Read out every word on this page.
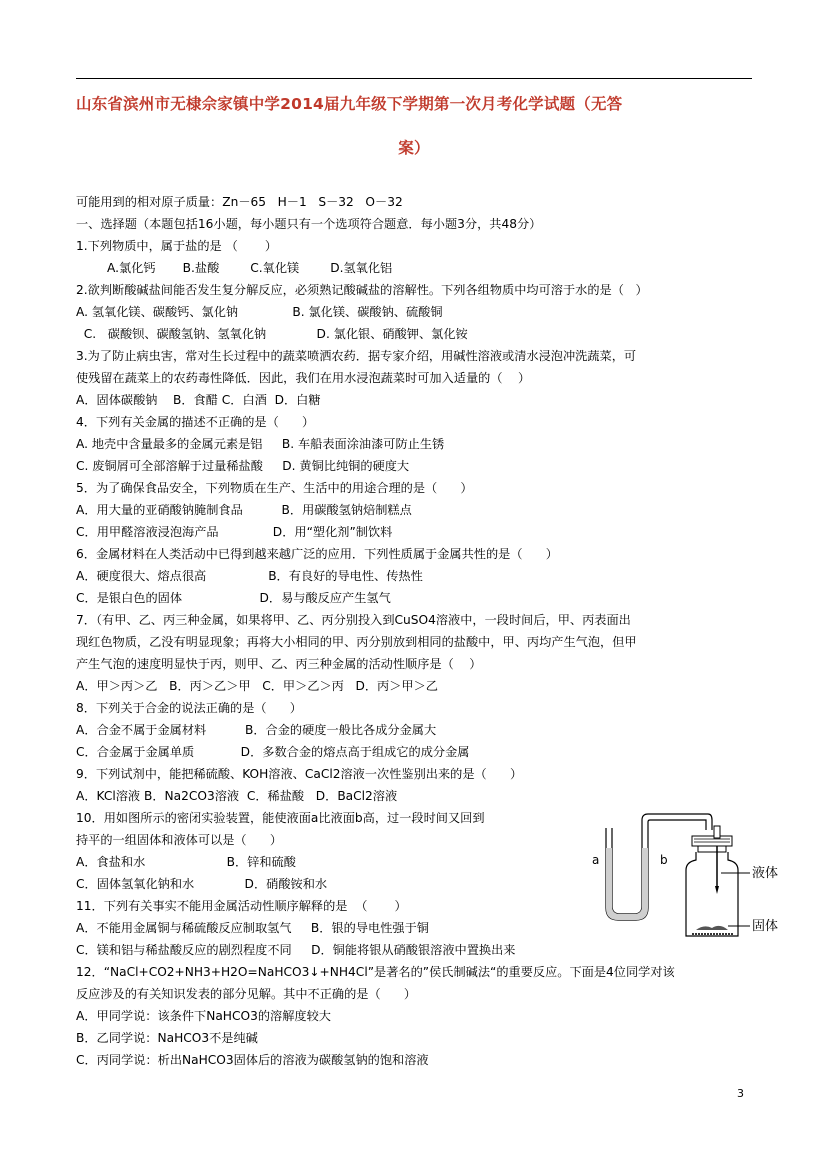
山东省滨州市无棣佘家镇中学2014届九年级下学期第一次月考化学试题（无答
案）
可能用到的相对原子质量：Zn－65   H－1   S－32   O－32
一、选择题（本题包括16小题，每小题只有一个选项符合题意．每小题3分，共48分）
1.下列物质中，属于盐的是 （       ）
A.氯化钙       B.盐酸        C.氧化镁        D.氢氧化铝
2.欲判断酸碱盐间能否发生复分解反应，必须熟记酸碱盐的溶解性。下列各组物质中均可溶于水的是（   ）
A. 氢氧化镁、碳酸钙、氯化钠              B. 氯化镁、碳酸钠、硫酸铜
C.   碳酸钡、碳酸氢钠、氢氧化钠             D. 氯化银、硝酸钾、氯化铵
3.为了防止病虫害，常对生长过程中的蔬菜喷洒农药．据专家介绍，用碱性溶液或清水浸泡冲洗蔬菜，可
使残留在蔬菜上的农药毒性降低．因此，我们在用水浸泡蔬菜时可加入适量的（    ）
A．固体碳酸钠    B．食醋 C．白酒  D．白糖
4．下列有关金属的描述不正确的是（      ）
A. 地壳中含量最多的金属元素是铝     B. 车船表面涂油漆可防止生锈
C. 废铜屑可全部溶解于过量稀盐酸     D. 黄铜比纯铜的硬度大
5．为了确保食品安全，下列物质在生产、生活中的用途合理的是（      ）
A．用大量的亚硝酸钠腌制食品          B．用碳酸氢钠焙制糕点
C．用甲醛溶液浸泡海产品              D．用“塑化剂”制饮料
6．金属材料在人类活动中已得到越来越广泛的应用．下列性质属于金属共性的是（      ）
A．硬度很大、熔点很高                B．有良好的导电性、传热性
C．是银白色的固体                    D．易与酸反应产生氢气
7．（有甲、乙、丙三种金属，如果将甲、乙、丙分别投入到CuSO4溶液中，一段时间后，甲、丙表面出
现红色物质，乙没有明显现象；再将大小相同的甲、丙分别放到相同的盐酸中，甲、丙均产生气泡，但甲
产生气泡的速度明显快于丙，则甲、乙、丙三种金属的活动性顺序是（    ）
A．甲＞丙＞乙   B．丙＞乙＞甲   C．甲＞乙＞丙   D．丙＞甲＞乙
8．下列关于合金的说法正确的是（      ）
A．合金不属于金属材料          B．合金的硬度一般比各成分金属大
C．合金属于金属单质            D．多数合金的熔点高于组成它的成分金属
9．下列试剂中，能把稀硫酸、KOH溶液、CaCl2溶液一次性鉴别出来的是（      ）
A．KCl溶液 B．Na2CO3溶液  C．稀盐酸   D．BaCl2溶液
10．用如图所示的密闭实验装置，能使液面a比液面b高，过一段时间又回到
持平的一组固体和液体可以是（      ）
A．食盐和水                     B．锌和硫酸
C．固体氢氧化钠和水             D．硝酸铵和水
11．下列有关事实不能用金属活动性顺序解释的是  （       ）
A．不能用金属铜与稀硫酸反应制取氢气     B．银的导电性强于铜
C．镁和铝与稀盐酸反应的剧烈程度不同     D．铜能将银从硝酸银溶液中置换出来
12．“NaCl+CO2+NH3+H2O=NaHCO3↓+NH4Cl”是著名的”侯氏制碱法“的重要反应。下面是4位同学对该
反应涉及的有关知识发表的部分见解。其中不正确的是（      ）
A．甲同学说：该条件下NaHCO3的溶解度较大
B．乙同学说：NaHCO3不是纯碱
C．丙同学说：析出NaHCO3固体后的溶液为碳酸氢钠的饱和溶液
a	b
液体
固体
3
